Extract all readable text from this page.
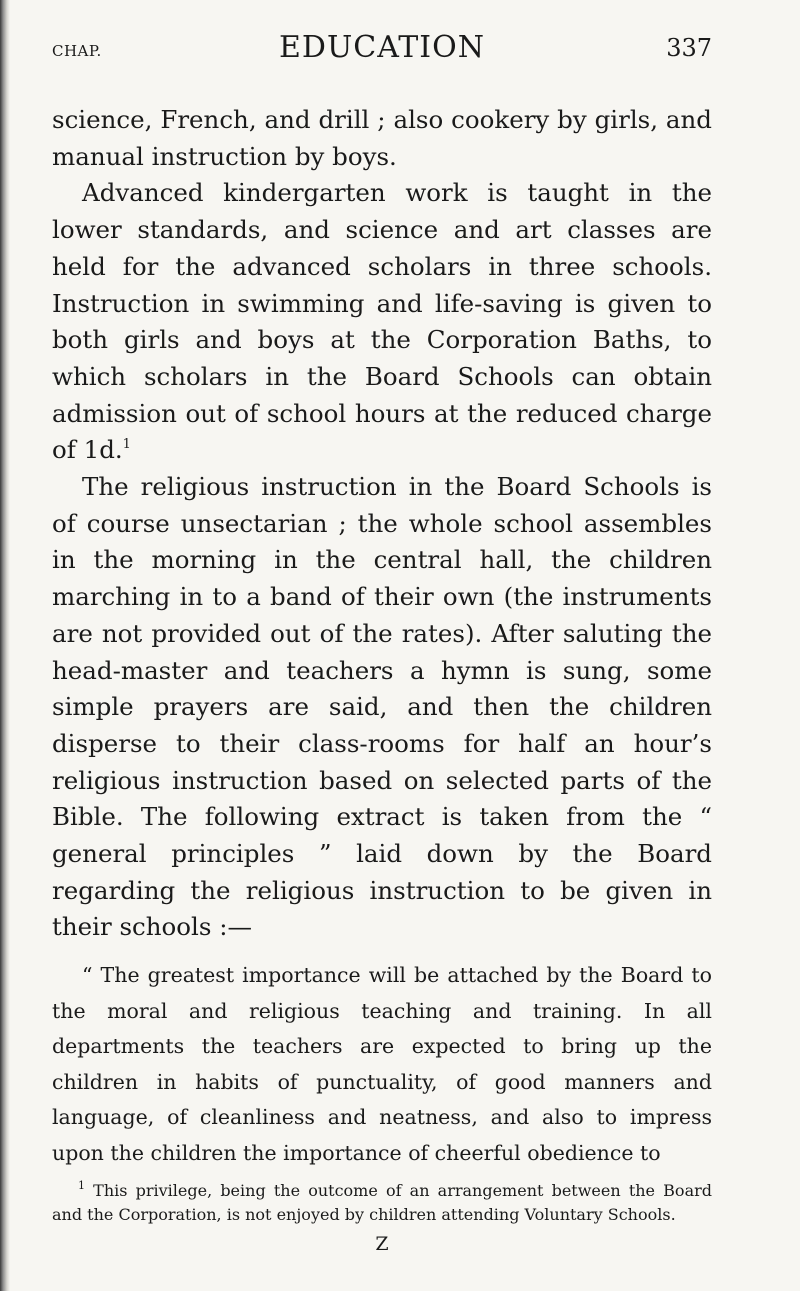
CHAP.	EDUCATION	337

science, French, and drill ; also cookery by girls, and manual instruction by boys.

Advanced kindergarten work is taught in the lower standards, and science and art classes are held for the advanced scholars in three schools. Instruction in swimming and life-saving is given to both girls and boys at the Corporation Baths, to which scholars in the Board Schools can obtain admission out of school hours at the reduced charge of 1d.$^1$

The religious instruction in the Board Schools is of course unsectarian ; the whole school assembles in the morning in the central hall, the children marching in to a band of their own (the instruments are not provided out of the rates). After saluting the head-master and teachers a hymn is sung, some simple prayers are said, and then the children disperse to their class-rooms for half an hour’s religious instruction based on selected parts of the Bible. The following extract is taken from the “ general principles ” laid down by the Board regarding the religious instruction to be given in their schools :—

“ The greatest importance will be attached by the Board to the moral and religious teaching and training. In all departments the teachers are expected to bring up the children in habits of punctuality, of good manners and language, of cleanliness and neatness, and also to impress upon the children the importance of cheerful obedience to
$^1$ This privilege, being the outcome of an arrangement between the Board and the Corporation, is not enjoyed by children attending Voluntary Schools.
Z
